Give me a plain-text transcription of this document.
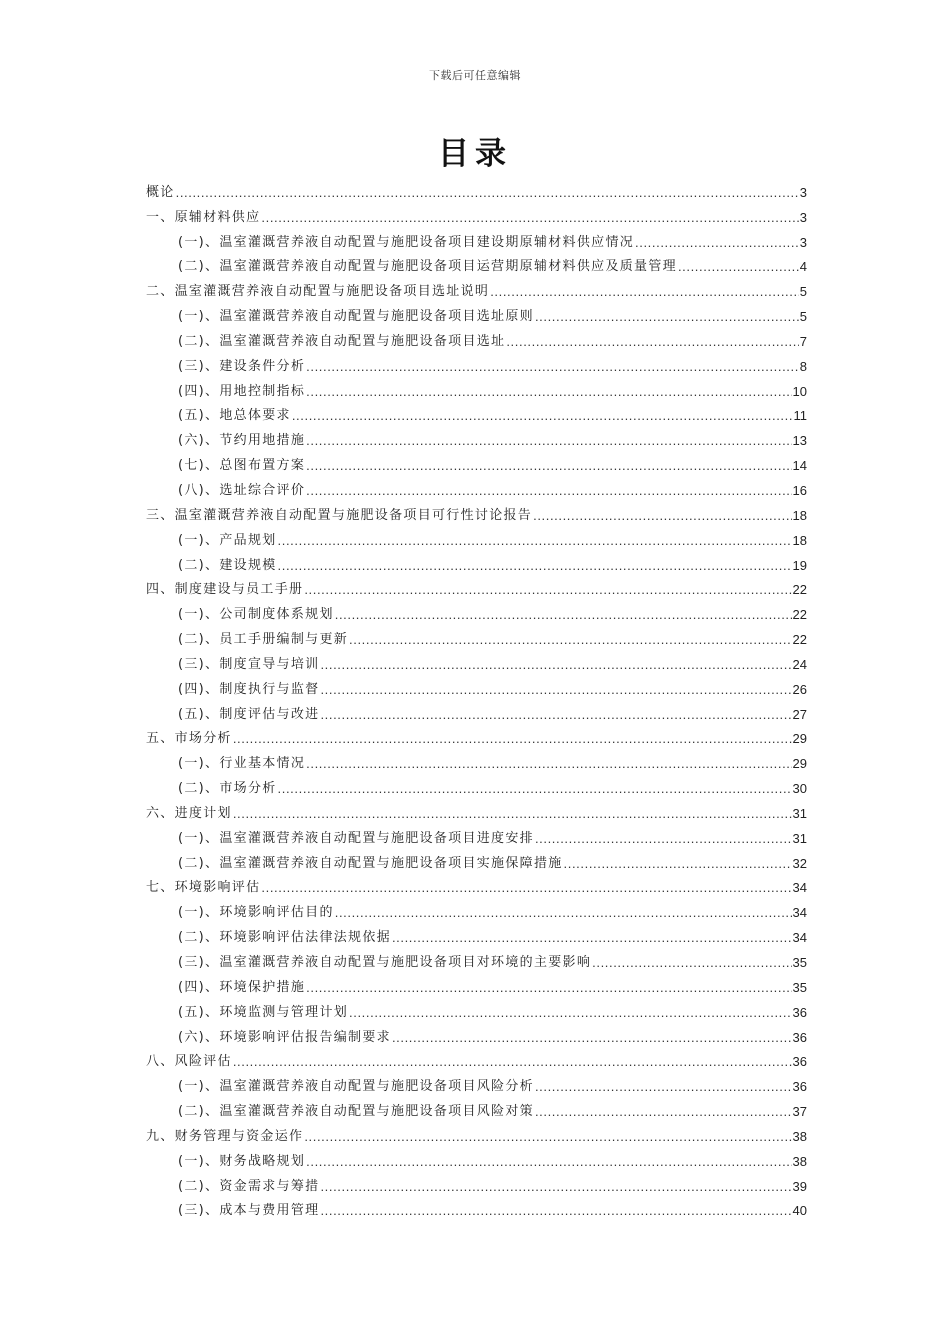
下载后可任意编辑
目录
概论 .....	3
一、原辅材料供应 .....	3
(一)、温室灌溉营养液自动配置与施肥设备项目建设期原辅材料供应情况 .....	3
(二)、温室灌溉营养液自动配置与施肥设备项目运营期原辅材料供应及质量管理 .....	4
二、温室灌溉营养液自动配置与施肥设备项目选址说明 .....	5
(一)、温室灌溉营养液自动配置与施肥设备项目选址原则 .....	5
(二)、温室灌溉营养液自动配置与施肥设备项目选址 .....	7
(三)、建设条件分析 .....	8
(四)、用地控制指标 .....	10
(五)、地总体要求 .....	11
(六)、节约用地措施 .....	13
(七)、总图布置方案 .....	14
(八)、选址综合评价 .....	16
三、温室灌溉营养液自动配置与施肥设备项目可行性讨论报告 .....	18
(一)、产品规划 .....	18
(二)、建设规模 .....	19
四、制度建设与员工手册 .....	22
(一)、公司制度体系规划 .....	22
(二)、员工手册编制与更新 .....	22
(三)、制度宣导与培训 .....	24
(四)、制度执行与监督 .....	26
(五)、制度评估与改进 .....	27
五、市场分析 .....	29
(一)、行业基本情况 .....	29
(二)、市场分析 .....	30
六、进度计划 .....	31
(一)、温室灌溉营养液自动配置与施肥设备项目进度安排 .....	31
(二)、温室灌溉营养液自动配置与施肥设备项目实施保障措施 .....	32
七、环境影响评估 .....	34
(一)、环境影响评估目的 .....	34
(二)、环境影响评估法律法规依据 .....	34
(三)、温室灌溉营养液自动配置与施肥设备项目对环境的主要影响 .....	35
(四)、环境保护措施 .....	35
(五)、环境监测与管理计划 .....	36
(六)、环境影响评估报告编制要求 .....	36
八、风险评估 .....	36
(一)、温室灌溉营养液自动配置与施肥设备项目风险分析 .....	36
(二)、温室灌溉营养液自动配置与施肥设备项目风险对策 .....	37
九、财务管理与资金运作 .....	38
(一)、财务战略规划 .....	38
(二)、资金需求与筹措 .....	39
(三)、成本与费用管理 .....	40
